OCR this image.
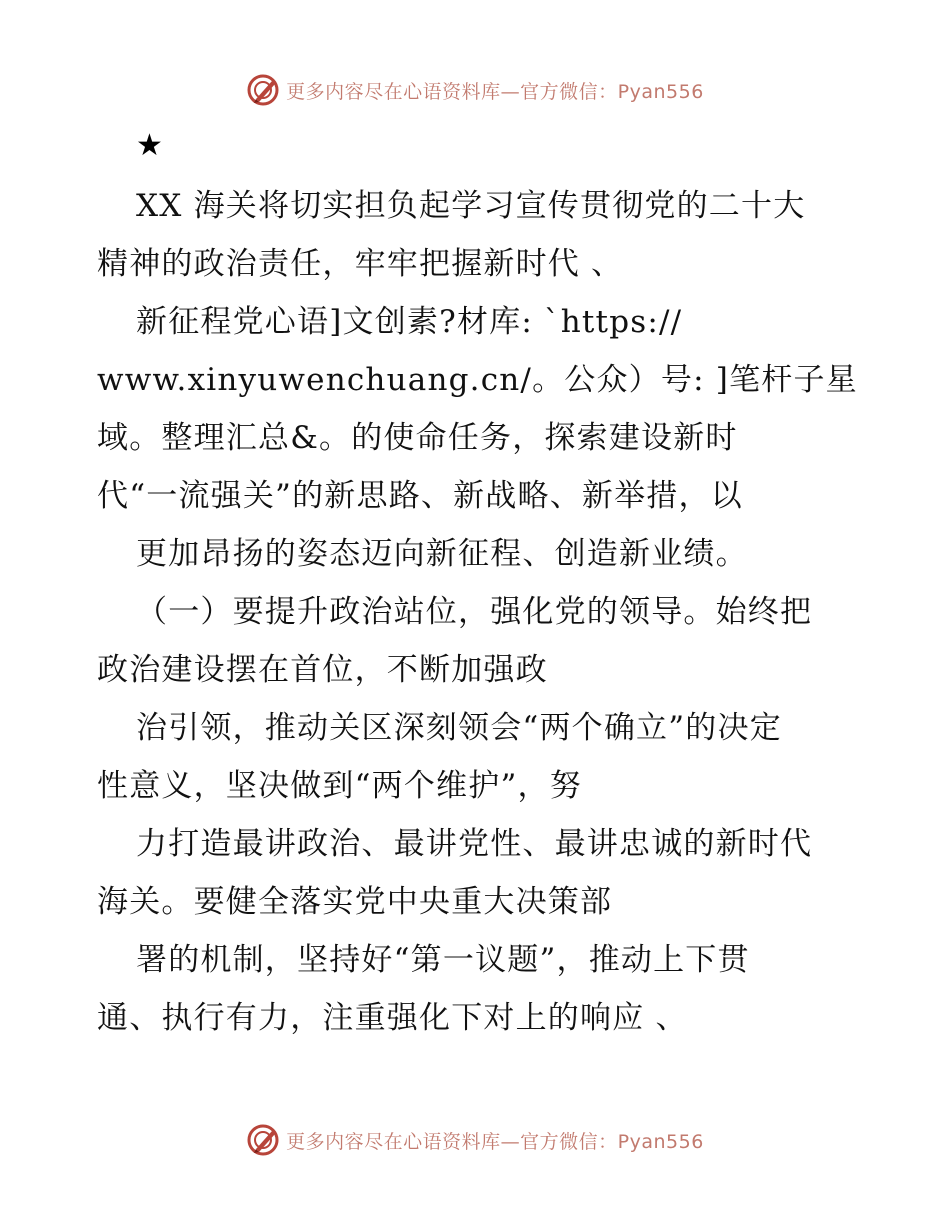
更多内容尽在心语资料库—官方微信：Pyan556
★
XX 海关将切实担负起学习宣传贯彻党的二十大
精神的政治责任，牢牢把握新时代 、
新征程党心语]文创素?材库: `https://
www.xinyuwenchuang.cn/。公众）号: ]笔杆子星
域。整理汇总&。的使命任务，探索建设新时
代“一流强关”的新思路、新战略、新举措，以
更加昂扬的姿态迈向新征程、创造新业绩。
（一）要提升政治站位，强化党的领导。始终把
政治建设摆在首位，不断加强政
治引领，推动关区深刻领会“两个确立”的决定
性意义，坚决做到“两个维护”，努
力打造最讲政治、最讲党性、最讲忠诚的新时代
海关。要健全落实党中央重大决策部
署的机制，坚持好“第一议题”，推动上下贯
通、执行有力，注重强化下对上的响应 、
更多内容尽在心语资料库—官方微信：Pyan556
